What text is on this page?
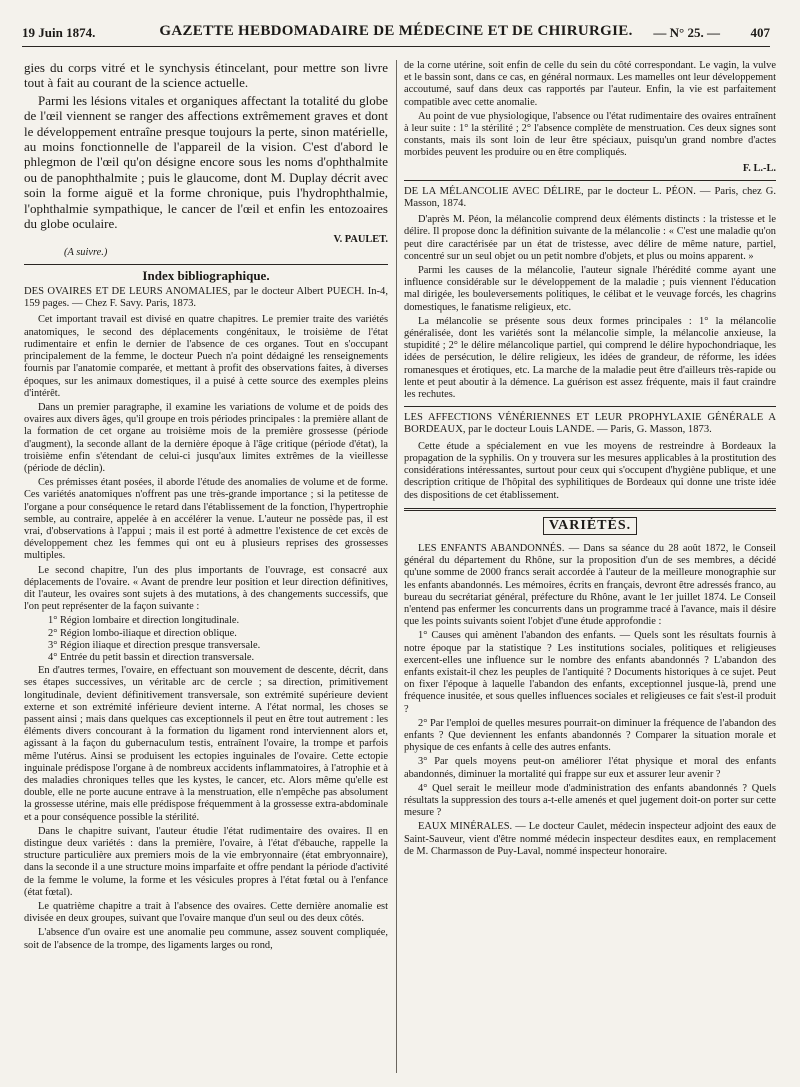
19 Juin 1874.	GAZETTE HEBDOMADAIRE DE MÉDECINE ET DE CHIRURGIE.	— N° 25. — 407

gies du corps vitré et le synchysis étincelant, pour mettre son livre tout à fait au courant de la science actuelle.

Parmi les lésions vitales et organiques affectant la totalité du globe de l'œil viennent se ranger des affections extrêmement graves et dont le développement entraîne presque toujours la perte, sinon matérielle, au moins fonctionnelle de l'appareil de la vision. C'est d'abord le phlegmon de l'œil qu'on désigne encore sous les noms d'ophthalmite ou de panophthalmite ; puis le glaucome, dont M. Duplay décrit avec soin la forme aiguë et la forme chronique, puis l'hydrophthalmie, l'ophthalmie sympathique, le cancer de l'œil et enfin les entozoaires du globe oculaire.

V. PAULET.

(A suivre.)

Index bibliographique.

DES OVAIRES ET DE LEURS ANOMALIES, par le docteur Albert PUECH. In-4, 159 pages. — Chez F. Savy. Paris, 1873.

Cet important travail est divisé en quatre chapitres. Le premier traite des variétés anatomiques, le second des déplacements congénitaux, le troisième de l'état rudimentaire et enfin le dernier de l'absence de ces organes. Tout en s'occupant principalement de la femme, le docteur Puech n'a point dédaigné les renseignements fournis par l'anatomie comparée, et mettant à profit des observations faites, à diverses époques, sur les animaux domestiques, il a puisé à cette source des exemples pleins d'intérêt.

Dans un premier paragraphe, il examine les variations de volume et de poids des ovaires aux divers âges, qu'il groupe en trois périodes principales : la première allant de la formation de cet organe au troisième mois de la première grossesse (période d'augment), la seconde allant de la dernière époque à l'âge critique (période d'état), la troisième enfin s'étendant de celui-ci jusqu'aux limites extrêmes de la vieillesse (période de déclin).

Ces prémisses étant posées, il aborde l'étude des anomalies de volume et de forme. Ces variétés anatomiques n'offrent pas une très-grande importance ; si la petitesse de l'organe a pour conséquence le retard dans l'établissement de la fonction, l'hypertrophie semble, au contraire, appelée à en accélérer la venue. L'auteur ne possède pas, il est vrai, d'observations à l'appui ; mais il est porté à admettre l'existence de cet excès de développement chez les femmes qui ont eu à plusieurs reprises des grossesses multiples.

Le second chapitre, l'un des plus importants de l'ouvrage, est consacré aux déplacements de l'ovaire. « Avant de prendre leur position et leur direction définitives, dit l'auteur, les ovaires sont sujets à des mutations, à des changements successifs, que l'on peut représenter de la façon suivante :

1° Région lombaire et direction longitudinale.

2° Région lombo-iliaque et direction oblique.

3° Région iliaque et direction presque transversale.

4° Entrée du petit bassin et direction transversale.

En d'autres termes, l'ovaire, en effectuant son mouvement de descente, décrit, dans ses étapes successives, un véritable arc de cercle ; sa direction, primitivement longitudinale, devient définitivement transversale, son extrémité supérieure devient externe et son extrémité inférieure devient interne. A l'état normal, les choses se passent ainsi ; mais dans quelques cas exceptionnels il peut en être tout autrement : les éléments divers concourant à la formation du ligament rond interviennent alors et, agissant à la façon du gubernaculum testis, entraînent l'ovaire, la trompe et parfois même l'utérus. Ainsi se produisent les ectopies inguinales de l'ovaire. Cette ectopie inguinale prédispose l'organe à de nombreux accidents inflammatoires, à l'atrophie et à des maladies chroniques telles que les kystes, le cancer, etc. Alors même qu'elle est double, elle ne porte aucune entrave à la menstruation, elle n'empêche pas absolument la grossesse utérine, mais elle prédispose fréquemment à la grossesse extra-abdominale et a pour conséquence possible la stérilité.

Dans le chapitre suivant, l'auteur étudie l'état rudimentaire des ovaires. Il en distingue deux variétés : dans la première, l'ovaire, à l'état d'ébauche, rappelle la structure particulière aux premiers mois de la vie embryonnaire (état embryonnaire), dans la seconde il a une structure moins imparfaite et offre pendant la période d'activité de la femme le volume, la forme et les vésicules propres à l'état fœtal ou à l'enfance (état fœtal).

Le quatrième chapitre a trait à l'absence des ovaires. Cette dernière anomalie est divisée en deux groupes, suivant que l'ovaire manque d'un seul ou des deux côtés.

L'absence d'un ovaire est une anomalie peu commune, assez souvent compliquée, soit de l'absence de la trompe, des ligaments larges ou rond,

de la corne utérine, soit enfin de celle du sein du côté correspondant. Le vagin, la vulve et le bassin sont, dans ce cas, en général normaux. Les mamelles ont leur développement accoutumé, sauf dans deux cas rapportés par l'auteur. Enfin, la vie est parfaitement compatible avec cette anomalie.

Au point de vue physiologique, l'absence ou l'état rudimentaire des ovaires entraînent à leur suite : 1° la stérilité ; 2° l'absence complète de menstruation. Ces deux signes sont constants, mais ils sont loin de leur être spéciaux, puisqu'un grand nombre d'actes morbides peuvent les produire ou en être compliqués.

F. L.-L.

DE LA MÉLANCOLIE AVEC DÉLIRE, par le docteur L. PÉON. — Paris, chez G. Masson, 1874.

D'après M. Péon, la mélancolie comprend deux éléments distincts : la tristesse et le délire. Il propose donc la définition suivante de la mélancolie : « C'est une maladie qu'on peut dire caractérisée par un état de tristesse, avec délire de même nature, partiel, concentré sur un seul objet ou un petit nombre d'objets, et plus ou moins apparent. »

Parmi les causes de la mélancolie, l'auteur signale l'hérédité comme ayant une influence considérable sur le développement de la maladie ; puis viennent l'éducation mal dirigée, les bouleversements politiques, le célibat et le veuvage forcés, les chagrins domestiques, le fanatisme religieux, etc.

La mélancolie se présente sous deux formes principales : 1° la mélancolie généralisée, dont les variétés sont la mélancolie simple, la mélancolie anxieuse, la stupidité ; 2° le délire mélancolique partiel, qui comprend le délire hypochondriaque, les idées de persécution, le délire religieux, les idées de grandeur, de réforme, les idées romanesques et érotiques, etc. La marche de la maladie peut être d'ailleurs très-rapide ou lente et peut aboutir à la démence. La guérison est assez fréquente, mais il faut craindre les rechutes.

LES AFFECTIONS VÉNÉRIENNES ET LEUR PROPHYLAXIE GÉNÉRALE A BORDEAUX, par le docteur Louis LANDE. — Paris, G. Masson, 1873.

Cette étude a spécialement en vue les moyens de restreindre à Bordeaux la propagation de la syphilis. On y trouvera sur les mesures applicables à la prostitution des considérations intéressantes, surtout pour ceux qui s'occupent d'hygiène publique, et une description critique de l'hôpital des syphilitiques de Bordeaux qui donne une triste idée des dispositions de cet établissement.

VARIÉTÉS.

LES ENFANTS ABANDONNÉS. — Dans sa séance du 28 août 1872, le Conseil général du département du Rhône, sur la proposition d'un de ses membres, a décidé qu'une somme de 2000 francs serait accordée à l'auteur de la meilleure monographie sur les enfants abandonnés. Les mémoires, écrits en français, devront être adressés franco, au bureau du secrétariat général, préfecture du Rhône, avant le 1er juillet 1874. Le Conseil n'entend pas enfermer les concurrents dans un programme tracé à l'avance, mais il désire que les points suivants soient l'objet d'une étude approfondie :

1° Causes qui amènent l'abandon des enfants. — Quels sont les résultats fournis à notre époque par la statistique ? Les institutions sociales, politiques et religieuses exercent-elles une influence sur le nombre des enfants abandonnés ? L'abandon des enfants existait-il chez les peuples de l'antiquité ? Documents historiques à ce sujet. Peut on fixer l'époque à laquelle l'abandon des enfants, exceptionnel jusque-là, prend une fréquence inusitée, et sous quelles influences sociales et religieuses ce fait s'est-il produit ?

2° Par l'emploi de quelles mesures pourrait-on diminuer la fréquence de l'abandon des enfants ? Que deviennent les enfants abandonnés ? Comparer la situation morale et physique de ces enfants à celle des autres enfants.

3° Par quels moyens peut-on améliorer l'état physique et moral des enfants abandonnés, diminuer la mortalité qui frappe sur eux et assurer leur avenir ?

4° Quel serait le meilleur mode d'administration des enfants abandonnés ? Quels résultats la suppression des tours a-t-elle amenés et quel jugement doit-on porter sur cette mesure ?

EAUX MINÉRALES. — Le docteur Caulet, médecin inspecteur adjoint des eaux de Saint-Sauveur, vient d'être nommé médecin inspecteur desdites eaux, en remplacement de M. Charmasson de Puy-Laval, nommé inspecteur honoraire.
